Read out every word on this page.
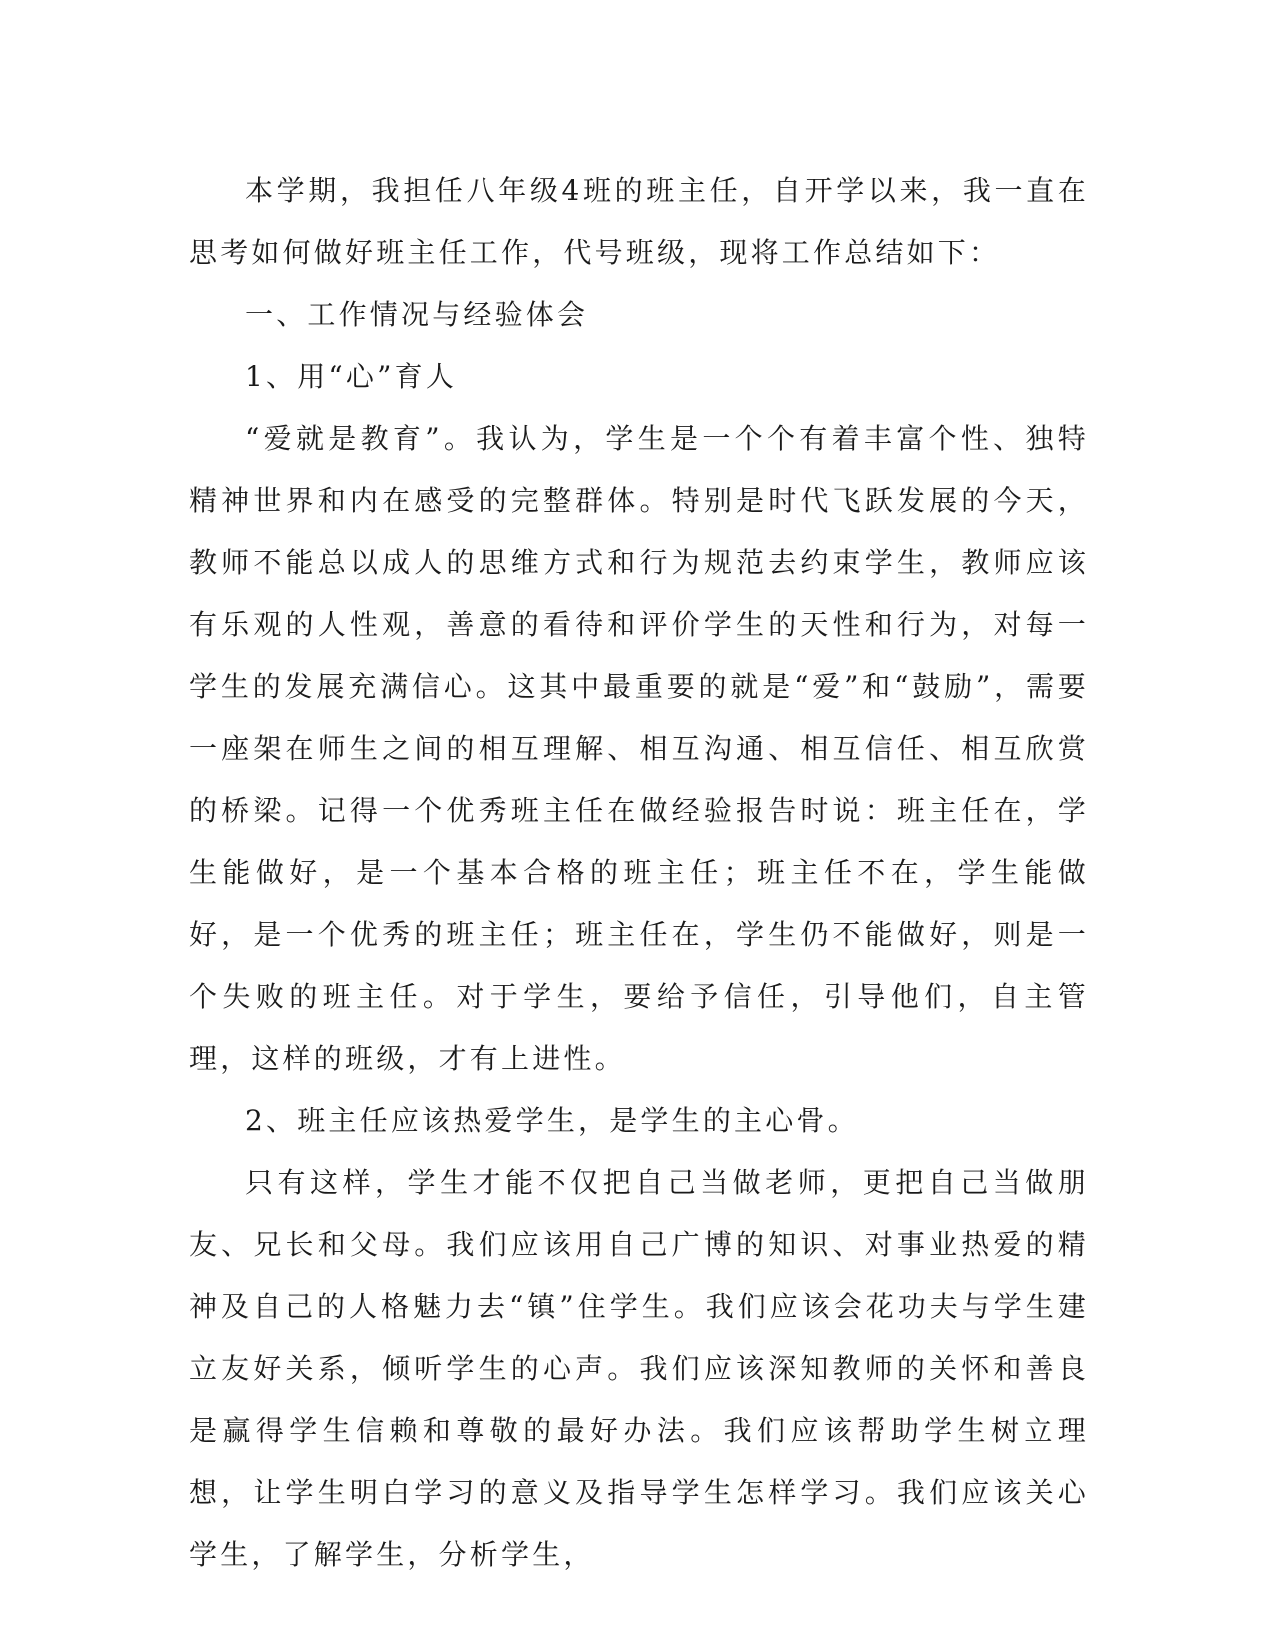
本学期，我担任八年级4班的班主任，自开学以来，我一直在思考如何做好班主任工作，代号班级，现将工作总结如下：

一、工作情况与经验体会

1、用“心”育人

“爱就是教育”。我认为，学生是一个个有着丰富个性、独特精神世界和内在感受的完整群体。特别是时代飞跃发展的今天，教师不能总以成人的思维方式和行为规范去约束学生，教师应该有乐观的人性观，善意的看待和评价学生的天性和行为，对每一学生的发展充满信心。这其中最重要的就是“爱”和“鼓励”，需要一座架在师生之间的相互理解、相互沟通、相互信任、相互欣赏的桥梁。记得一个优秀班主任在做经验报告时说：班主任在，学生能做好，是一个基本合格的班主任；班主任不在，学生能做好，是一个优秀的班主任；班主任在，学生仍不能做好，则是一个失败的班主任。对于学生，要给予信任，引导他们，自主管理，这样的班级，才有上进性。

2、班主任应该热爱学生，是学生的主心骨。

只有这样，学生才能不仅把自己当做老师，更把自己当做朋友、兄长和父母。我们应该用自己广博的知识、对事业热爱的精神及自己的人格魅力去“镇”住学生。我们应该会花功夫与学生建立友好关系，倾听学生的心声。我们应该深知教师的关怀和善良是赢得学生信赖和尊敬的最好办法。我们应该帮助学生树立理想，让学生明白学习的意义及指导学生怎样学习。我们应该关心学生，了解学生，分析学生，
